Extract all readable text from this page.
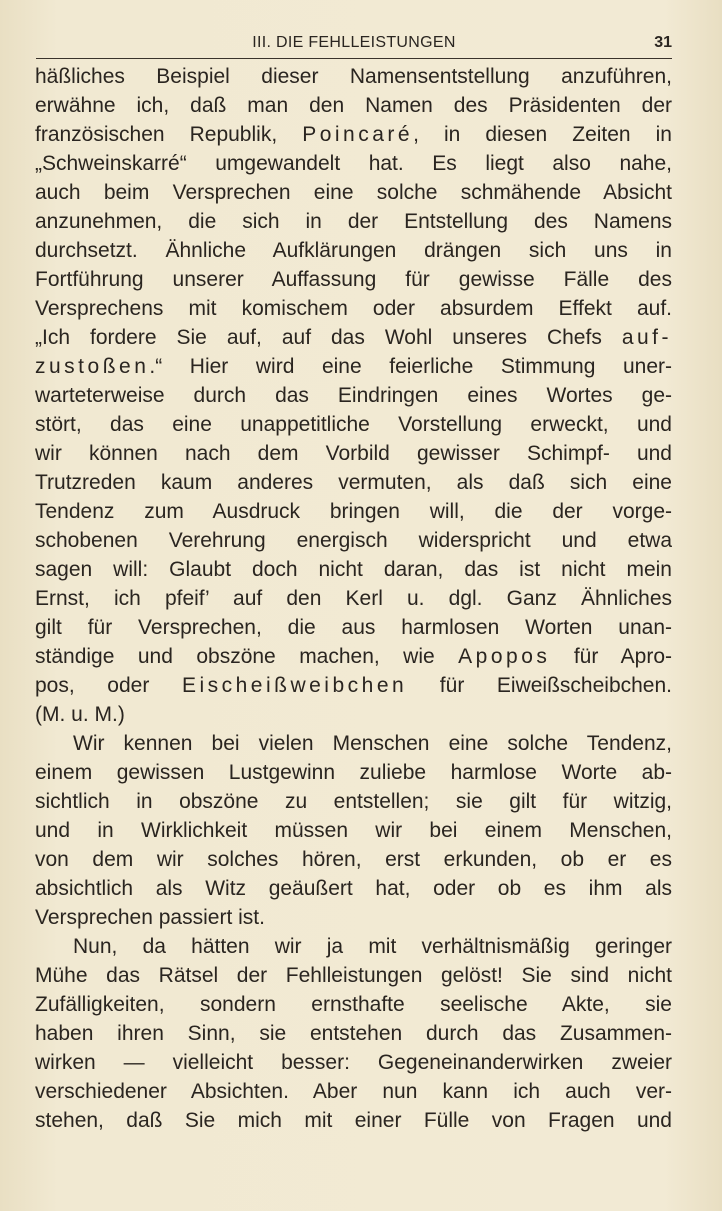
III. DIE FEHLLEISTUNGEN	31
häßliches Beispiel dieser Namensentstellung anzuführen,
erwähne ich, daß man den Namen des Präsidenten der
französischen Republik, Poincaré, in diesen Zeiten in
„Schweinskarré“ umgewandelt hat. Es liegt also nahe,
auch beim Versprechen eine solche schmähende Absicht
anzunehmen, die sich in der Entstellung des Namens
durchsetzt. Ähnliche Aufklärungen drängen sich uns in
Fortführung unserer Auffassung für gewisse Fälle des
Versprechens mit komischem oder absurdem Effekt auf.
„Ich fordere Sie auf, auf das Wohl unseres Chefs auf-
zustoßen.“ Hier wird eine feierliche Stimmung uner-
warteterweise durch das Eindringen eines Wortes ge-
stört, das eine unappetitliche Vorstellung erweckt, und
wir können nach dem Vorbild gewisser Schimpf- und
Trutzreden kaum anderes vermuten, als daß sich eine
Tendenz zum Ausdruck bringen will, die der vorge-
schobenen Verehrung energisch widerspricht und etwa
sagen will: Glaubt doch nicht daran, das ist nicht mein
Ernst, ich pfeif’ auf den Kerl u. dgl. Ganz Ähnliches
gilt für Versprechen, die aus harmlosen Worten unan-
ständige und obszöne machen, wie Apopos für Apro-
pos, oder Eischeißweibchen für Eiweißscheibchen.
(M. u. M.)
Wir kennen bei vielen Menschen eine solche Tendenz,
einem gewissen Lustgewinn zuliebe harmlose Worte ab-
sichtlich in obszöne zu entstellen; sie gilt für witzig,
und in Wirklichkeit müssen wir bei einem Menschen,
von dem wir solches hören, erst erkunden, ob er es
absichtlich als Witz geäußert hat, oder ob es ihm als
Versprechen passiert ist.
Nun, da hätten wir ja mit verhältnismäßig geringer
Mühe das Rätsel der Fehlleistungen gelöst! Sie sind nicht
Zufälligkeiten, sondern ernsthafte seelische Akte, sie
haben ihren Sinn, sie entstehen durch das Zusammen-
wirken — vielleicht besser: Gegeneinanderwirken zweier
verschiedener Absichten. Aber nun kann ich auch ver-
stehen, daß Sie mich mit einer Fülle von Fragen und
